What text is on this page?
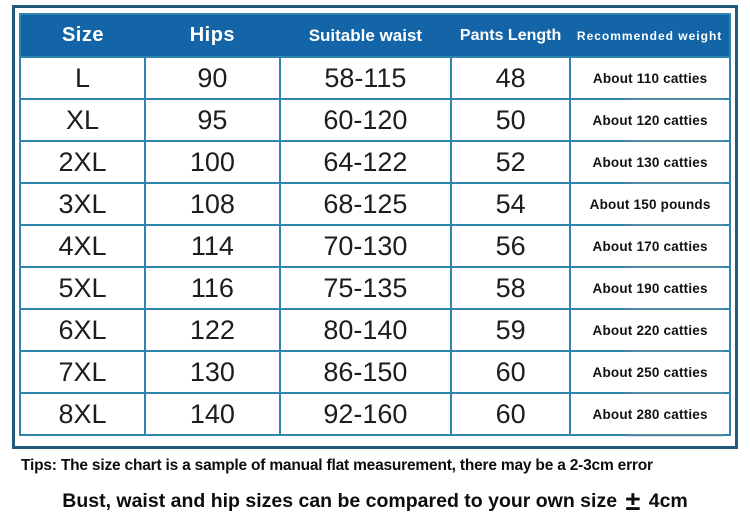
Size	Hips	Suitable waist	Pants Length	Recommended weight
L	90	58-115	48	About 110 catties
XL	95	60-120	50	About 120 catties
2XL	100	64-122	52	About 130 catties
3XL	108	68-125	54	About 150 pounds
4XL	114	70-130	56	About 170 catties
5XL	116	75-135	58	About 190 catties
6XL	122	80-140	59	About 220 catties
7XL	130	86-150	60	About 250 catties
8XL	140	92-160	60	About 280 catties
Tips: The size chart is a sample of manual flat measurement, there may be a 2-3cm error
Bust, waist and hip sizes can be compared to your own size ± 4cm
